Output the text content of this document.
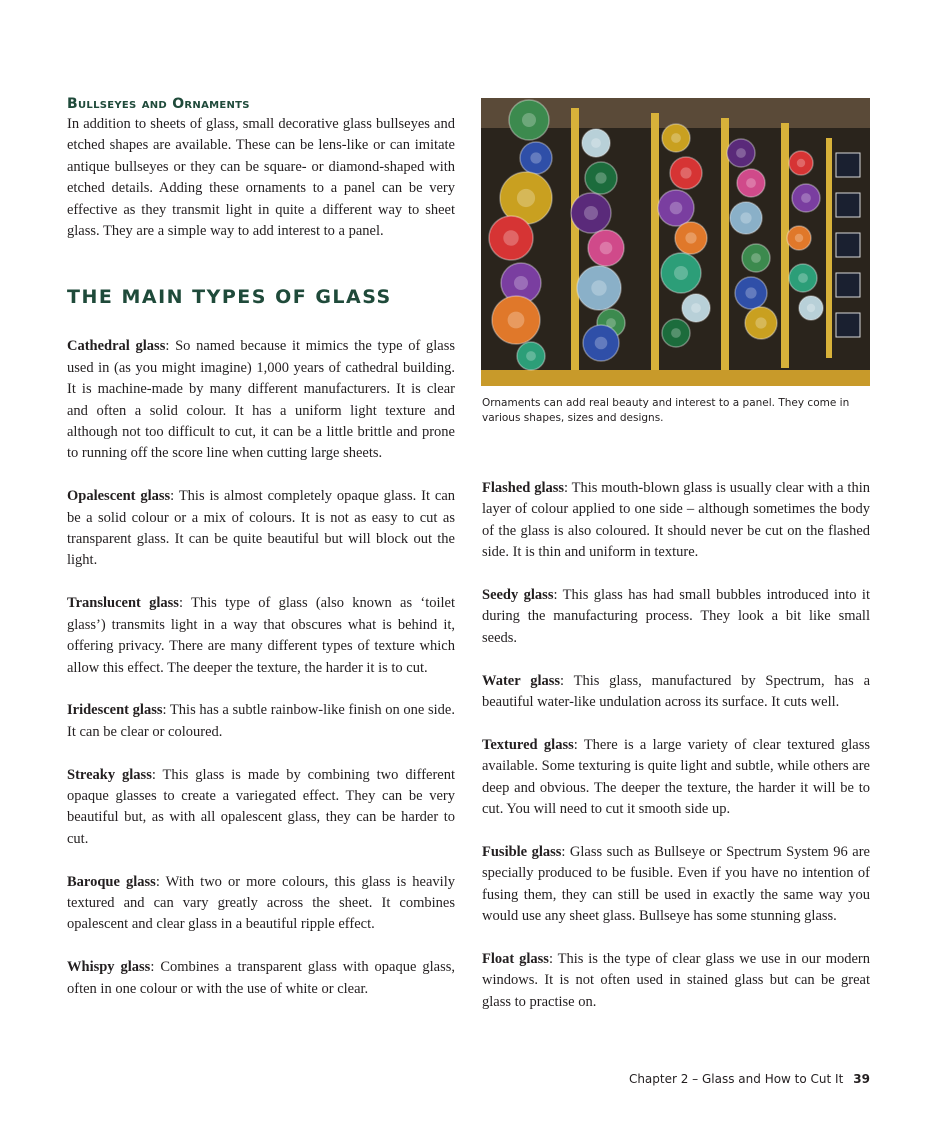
Bullseyes and Ornaments

In addition to sheets of glass, small decorative glass bullseyes and etched shapes are available. These can be lens-like or can imitate antique bullseyes or they can be square- or diamond-shaped with etched details. Adding these ornaments to a panel can be very effective as they transmit light in quite a different way to sheet glass. They are a simple way to add interest to a panel.

THE MAIN TYPES OF GLASS

Cathedral glass: So named because it mimics the type of glass used in (as you might imagine) 1,000 years of cathedral building. It is machine-made by many different manufacturers. It is clear and often a solid colour. It has a uniform light texture and although not too difficult to cut, it can be a little brittle and prone to running off the score line when cutting large sheets.

Opalescent glass: This is almost completely opaque glass. It can be a solid colour or a mix of colours. It is not as easy to cut as transparent glass. It can be quite beautiful but will block out the light.

Translucent glass: This type of glass (also known as ‘toilet glass’) transmits light in a way that obscures what is behind it, offering privacy. There are many different types of texture which allow this effect. The deeper the texture, the harder it is to cut.

Iridescent glass: This has a subtle rainbow-like finish on one side. It can be clear or coloured.

Streaky glass: This glass is made by combining two different opaque glasses to create a variegated effect. They can be very beautiful but, as with all opalescent glass, they can be harder to cut.

Baroque glass: With two or more colours, this glass is heavily textured and can vary greatly across the sheet. It combines opalescent and clear glass in a beautiful ripple effect.

Whispy glass: Combines a transparent glass with opaque glass, often in one colour or with the use of white or clear.

Ornaments can add real beauty and interest to a panel. They come in various shapes, sizes and designs.

Flashed glass: This mouth-blown glass is usually clear with a thin layer of colour applied to one side – although sometimes the body of the glass is also coloured. It should never be cut on the flashed side. It is thin and uniform in texture.

Seedy glass: This glass has had small bubbles introduced into it during the manufacturing process. They look a bit like small seeds.

Water glass: This glass, manufactured by Spectrum, has a beautiful water-like undulation across its surface. It cuts well.

Textured glass: There is a large variety of clear textured glass available. Some texturing is quite light and subtle, while others are deep and obvious. The deeper the texture, the harder it will be to cut. You will need to cut it smooth side up.

Fusible glass: Glass such as Bullseye or Spectrum System 96 are specially produced to be fusible. Even if you have no intention of fusing them, they can still be used in exactly the same way you would use any sheet glass. Bullseye has some stunning glass.

Float glass: This is the type of clear glass we use in our modern windows. It is not often used in stained glass but can be great glass to practise on.

Chapter 2 – Glass and How to Cut It 39
